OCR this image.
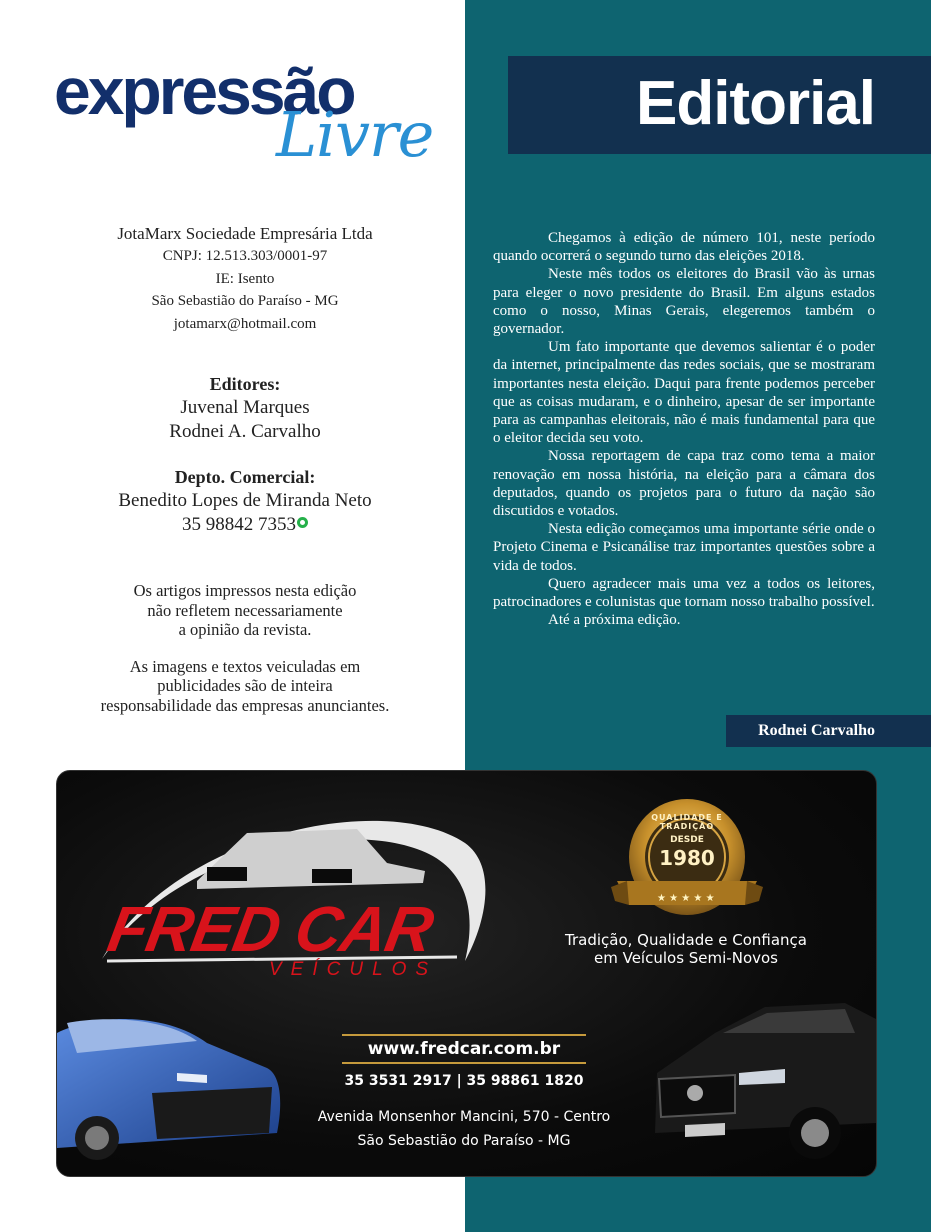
expressão
Livre	Editorial
JotaMarx Sociedade Empresária Ltda
CNPJ: 12.513.303/0001-97
IE: Isento
São Sebastião do Paraíso - MG
jotamarx@hotmail.com
Editores:
Juvenal Marques
Rodnei A. Carvalho
Depto. Comercial:
Benedito Lopes de Miranda Neto
35 98842 7353

Os artigos impressos nesta edição
não refletem necessariamente
a opinião da revista.

As imagens e textos veiculadas em
publicidades são de inteira
responsabilidade das empresas anunciantes.

Chegamos à edição de número 101, neste período quando ocorrerá o segundo turno das eleições 2018.

Neste mês todos os eleitores do Brasil vão às urnas para eleger o novo presidente do Brasil. Em alguns estados como o nosso, Minas Gerais, elegeremos também o governador.

Um fato importante que devemos salientar é o poder da internet, principalmente das redes sociais, que se mostraram importantes nesta eleição. Daqui para frente podemos perceber que as coisas mudaram, e o dinheiro, apesar de ser importante para as campanhas eleitorais, não é mais fundamental para que o eleitor decida seu voto.

Nossa reportagem de capa traz como tema a maior renovação em nossa história, na eleição para a câmara dos deputados, quando os projetos para o futuro da nação são discutidos e votados.

Nesta edição começamos uma importante série onde o Projeto Cinema e Psicanálise traz importantes questões sobre a vida de todos.

Quero agradecer mais uma vez a todos os leitores, patrocinadores e colunistas que tornam nosso trabalho possível.

Até a próxima edição.

Rodnei Carvalho
FRED CAR
VEÍCULOS
★ ★ ★ ★ ★
QUALIDADE E TRADIÇÃO
DESDE
1980
Tradição, Qualidade e Confiança
em Veículos Semi-Novos
www.fredcar.com.br
35 3531 2917 | 35 98861 1820
Avenida Monsenhor Mancini, 570 - Centro
São Sebastião do Paraíso - MG
